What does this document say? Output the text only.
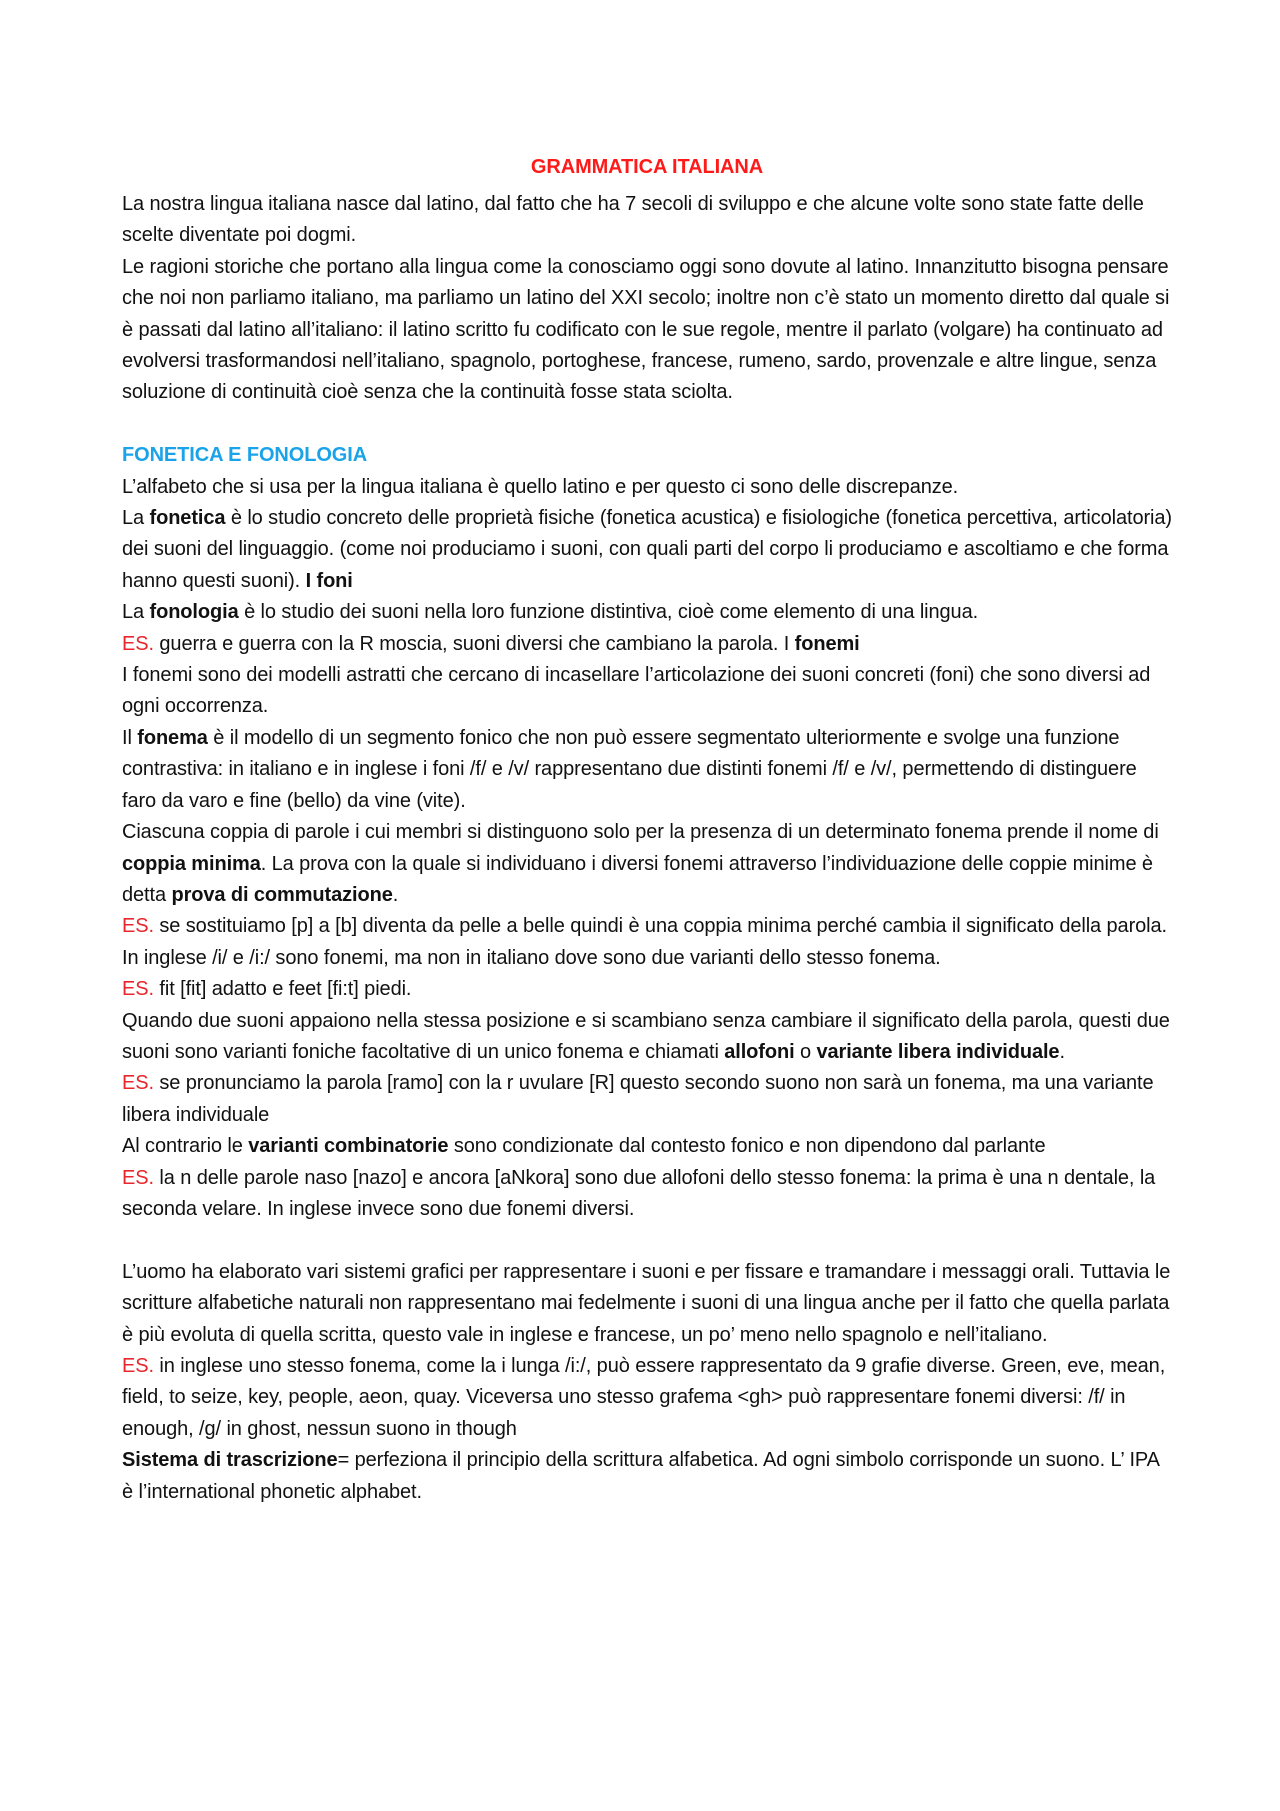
GRAMMATICA ITALIANA

La nostra lingua italiana nasce dal latino, dal fatto che ha 7 secoli di sviluppo e che alcune volte sono state fatte delle scelte diventate poi dogmi.

Le ragioni storiche che portano alla lingua come la conosciamo oggi sono dovute al latino. Innanzitutto bisogna pensare che noi non parliamo italiano, ma parliamo un latino del XXI secolo; inoltre non c’è stato un momento diretto dal quale si è passati dal latino all’italiano: il latino scritto fu codificato con le sue regole, mentre il parlato (volgare) ha continuato ad evolversi trasformandosi nell’italiano, spagnolo, portoghese, francese, rumeno, sardo, provenzale e altre lingue, senza soluzione di continuità cioè senza che la continuità fosse stata sciolta.

FONETICA E FONOLOGIA

L’alfabeto che si usa per la lingua italiana è quello latino e per questo ci sono delle discrepanze.

La fonetica è lo studio concreto delle proprietà fisiche (fonetica acustica) e fisiologiche (fonetica percettiva, articolatoria) dei suoni del linguaggio. (come noi produciamo i suoni, con quali parti del corpo li produciamo e ascoltiamo e che forma hanno questi suoni). I foni

La fonologia è lo studio dei suoni nella loro funzione distintiva, cioè come elemento di una lingua.

ES. guerra e guerra con la R moscia, suoni diversi che cambiano la parola. I fonemi

I fonemi sono dei modelli astratti che cercano di incasellare l’articolazione dei suoni concreti (foni) che sono diversi ad ogni occorrenza.

Il fonema è il modello di un segmento fonico che non può essere segmentato ulteriormente e svolge una funzione contrastiva: in italiano e in inglese i foni /f/ e /v/ rappresentano due distinti fonemi /f/ e /v/, permettendo di distinguere faro da varo e fine (bello) da vine (vite).

Ciascuna coppia di parole i cui membri si distinguono solo per la presenza di un determinato fonema prende il nome di coppia minima. La prova con la quale si individuano i diversi fonemi attraverso l’individuazione delle coppie minime è detta prova di commutazione.

ES. se sostituiamo [p] a [b] diventa da pelle a belle quindi è una coppia minima perché cambia il significato della parola.

In inglese /i/ e /i:/ sono fonemi, ma non in italiano dove sono due varianti dello stesso fonema.

ES. fit [fit] adatto e feet [fi:t] piedi.

Quando due suoni appaiono nella stessa posizione e si scambiano senza cambiare il significato della parola, questi due suoni sono varianti foniche facoltative di un unico fonema e chiamati allofoni o variante libera individuale.

ES. se pronunciamo la parola [ramo] con la r uvulare [R] questo secondo suono non sarà un fonema, ma una variante libera individuale

Al contrario le varianti combinatorie sono condizionate dal contesto fonico e non dipendono dal parlante

ES. la n delle parole naso [nazo] e ancora [aNkora] sono due allofoni dello stesso fonema: la prima è una n dentale, la seconda velare. In inglese invece sono due fonemi diversi.

L’uomo ha elaborato vari sistemi grafici per rappresentare i suoni e per fissare e tramandare i messaggi orali. Tuttavia le scritture alfabetiche naturali non rappresentano mai fedelmente i suoni di una lingua anche per il fatto che quella parlata è più evoluta di quella scritta, questo vale in inglese e francese, un po’ meno nello spagnolo e nell’italiano.

ES. in inglese uno stesso fonema, come la i lunga /i:/, può essere rappresentato da 9 grafie diverse. Green, eve, mean, field, to seize, key, people, aeon, quay. Viceversa uno stesso grafema <gh> può rappresentare fonemi diversi: /f/ in enough, /g/ in ghost, nessun suono in though

Sistema di trascrizione= perfeziona il principio della scrittura alfabetica. Ad ogni simbolo corrisponde un suono. L’ IPA è l’international phonetic alphabet.
